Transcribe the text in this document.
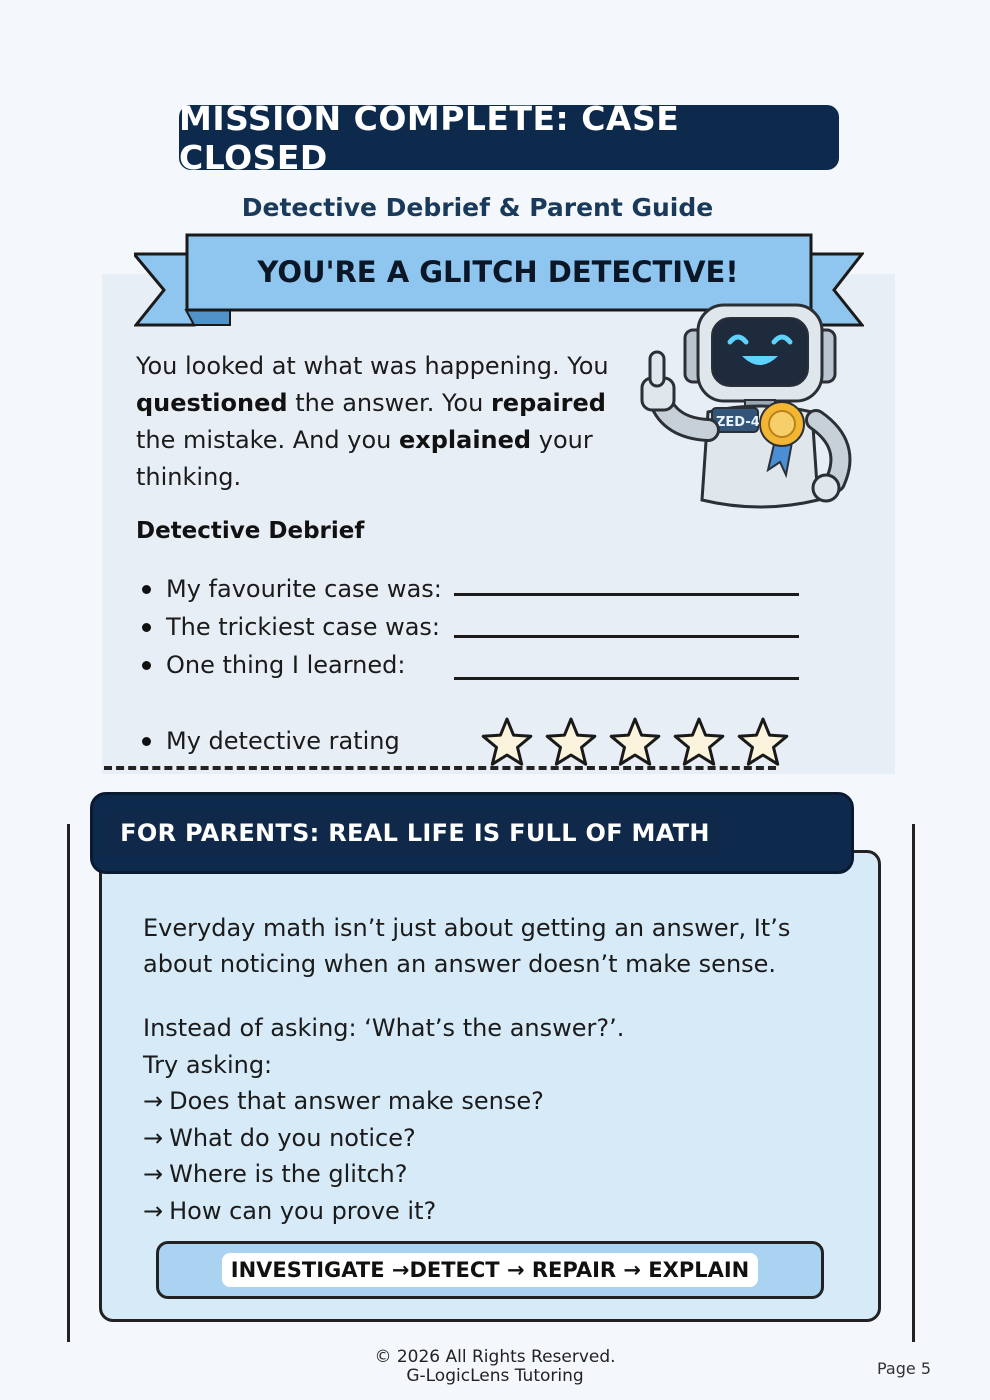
MISSION COMPLETE: CASE CLOSED
Detective Debrief & Parent Guide
YOU'RE A GLITCH DETECTIVE!
ZED-4
You looked at what was happening. You questioned the answer. You repaired the mistake. And you explained your thinking.
Detective Debrief
My favourite case was:
The trickiest case was:
One thing I learned:
My detective rating
FOR PARENTS: REAL LIFE IS FULL OF MATH
Everyday math isn’t just about getting an answer, It’s about noticing when an answer doesn’t make sense.
Instead of asking: ‘What’s the answer?’.
Try asking:
→ Does that answer make sense?
→ What do you notice?
→ Where is the glitch?
→ How can you prove it?
INVESTIGATE →DETECT → REPAIR → EXPLAIN
© 2026 All Rights Reserved.
G-LogicLens Tutoring	Page 5
